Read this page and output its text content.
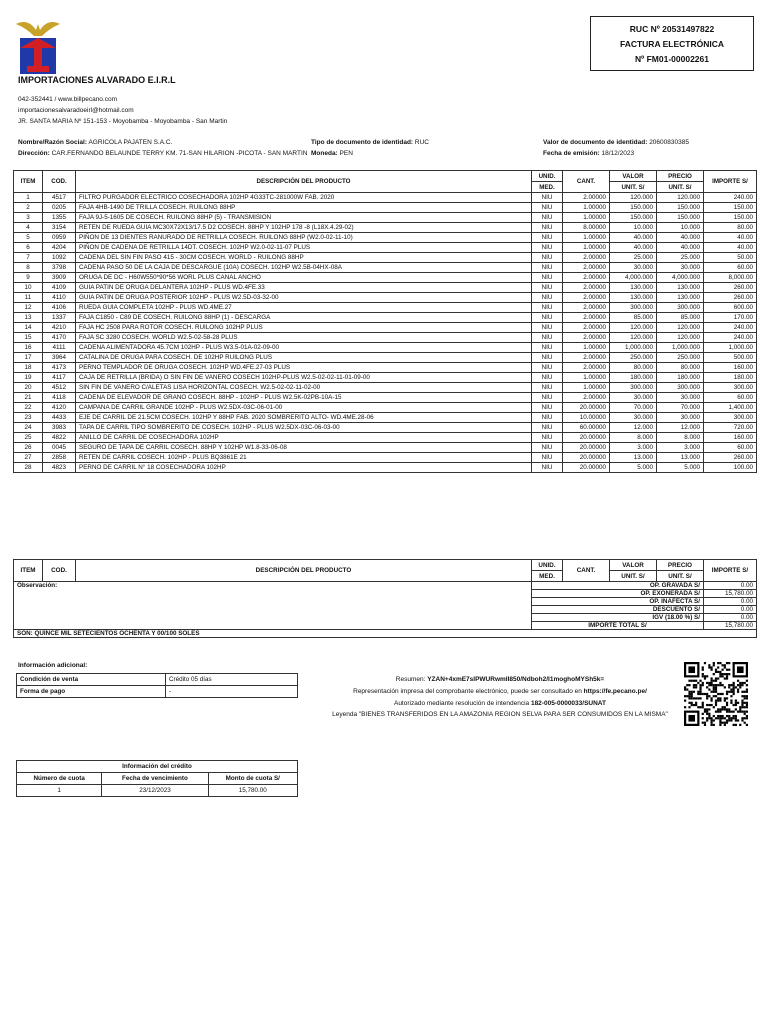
IMPORTACIONES ALVARADO E.I.R.L
042-352441 / www.billpecano.com
importacionesalvaradoeirl@hotmail.com
JR. SANTA MARIA Nº 151-153 - Moyobamba - Moyobamba - San Martin
RUC Nº 20531497822
FACTURA ELECTRÓNICA
Nº FM01-00002261
Nombre/Razón Social: AGRICOLA PAJATEN S.A.C.	Tipo de documento de identidad: RUC	Valor de documento de identidad: 20600830385
Dirección: CAR.FERNANDO BELAUNDE TERRY KM. 71-SAN HILARION -PICOTA - SAN MARTIN Moneda: PEN	Fecha de emisión: 18/12/2023
ITEM	COD.	DESCRIPCIÓN DEL PRODUCTO	UNID.	CANT.	VALOR	PRECIO	IMPORTE S/
			MED.		UNIT. S/	UNIT. S/	
1	4517	FILTRO PURGADOR ELECTRICO COSECHADORA 102HP 4G33TC-281000W FAB. 2020	NIU	2.00000	120.000	120.000	240.00
2	0205	FAJA 4HB-1490 DE TRILLA COSECH. RUILONG 88HP	NIU	1.00000	150.000	150.000	150.00
3	1355	FAJA 9J-5-1605 DE COSECH. RUILONG 88HP (5) - TRANSMISION	NIU	1.00000	150.000	150.000	150.00
4	3154	RETEN DE RUEDA GUIA MC30X72X13/17.5 D2 COSECH. 88HP Y 102HP 178 -8 (L18X.4.29-02)	NIU	8.00000	10.000	10.000	80.00
5	0959	PIÑON DE 13 DIENTES RANURADO DE RETRILLA COSECH. RUILONG 88HP (W2.0-02-11-10)	NIU	1.00000	40.000	40.000	40.00
6	4204	PIÑON DE CADENA DE RETRILLA 14DT. COSECH. 102HP W2.0-02-11-07 PLUS	NIU	1.00000	40.000	40.000	40.00
7	1092	CADENA DEL SIN FIN PASO 415 - 30CM COSECH. WORLD - RUILONG 88HP	NIU	2.00000	25.000	25.000	50.00
8	3798	CADENA PASO 50 DE LA CAJA DE DESCARGUE (10A) COSECH. 102HP W2.5B-04HX-08A	NIU	2.00000	30.000	30.000	60.00
9	3909	ORUGA DE DC - H60W550*90*56 WORL PLUS CANAL ANCHO	NIU	2.00000	4,000.000	4,000.000	8,000.00
10	4109	GUIA PATIN DE ORUGA DELANTERA 102HP - PLUS WD.4FE.33	NIU	2.00000	130.000	130.000	260.00
11	4110	GUIA PATIN DE ORUGA POSTERIOR 102HP - PLUS W2.5D-03-32-00	NIU	2.00000	130.000	130.000	260.00
12	4106	RUEDA GUIA COMPLETA 102HP - PLUS WD.4ME.27	NIU	2.00000	300.000	300.000	600.00
13	1337	FAJA C1850 - C89 DE COSECH. RUILONG 88HP (1) - DESCARGA	NIU	2.00000	85.000	85.000	170.00
14	4210	FAJA HC 2508 PARA ROTOR COSECH. RUILONG 102HP PLUS	NIU	2.00000	120.000	120.000	240.00
15	4170	FAJA SC 3280 COSECH. WORLD W2.5-02-58-28 PLUS	NIU	2.00000	120.000	120.000	240.00
16	4111	CADENA ALIMENTADORA 45.7CM 102HP - PLUS W3.5-01A-02-09-00	NIU	1.00000	1,000.000	1,000.000	1,000.00
17	3964	CATALINA DE ORUGA PARA COSECH. DE 102HP RUILONG PLUS	NIU	2.00000	250.000	250.000	500.00
18	4173	PERNO TEMPLADOR DE ORUGA COSECH. 102HP WD.4FE.27-03 PLUS	NIU	2.00000	80.000	80.000	160.00
19	4117	CAJA DE RETRILLA (BRIDA) O SIN FIN DE VANERO COSECH 102HP-PLUS W2.5-02-02-11-01-09-00	NIU	1.00000	180.000	180.000	180.00
20	4512	SIN FIN DE VANERO C/ALETAS LISA HORIZONTAL COSECH. W2.5-02-02-11-02-00	NIU	1.00000	300.000	300.000	300.00
21	4118	CADENA DE ELEVADOR DE GRANO COSECH. 88HP - 102HP - PLUS W2.5K-02PB-10A-15	NIU	2.00000	30.000	30.000	60.00
22	4120	CAMPANA DE CARRIL GRANDE 102HP - PLUS W2.5DX-03C-06-01-00	NIU	20.00000	70.000	70.000	1,400.00
23	4433	EJE DE CARRIL DE 21.5CM COSECH. 102HP Y 88HP FAB. 2020 SOMBRERITO ALTO- WD.4ME.28-06	NIU	10.00000	30.000	30.000	300.00
24	3983	TAPA DE CARRIL TIPO SOMBRERITO DE COSECH. 102HP - PLUS W2.5DX-03C-06-03-00	NIU	60.00000	12.000	12.000	720.00
25	4822	ANILLO DE CARRIL DE COSECHADORA 102HP	NIU	20.00000	8.000	8.000	160.00
26	0045	SEGURO DE TAPA DE CARRIL COSECH. 88HP Y 102HP W1.8-33-06-08	NIU	20.00000	3.000	3.000	60.00
27	2858	RETEN DE CARRIL COSECH. 102HP - PLUS BQ3861E 21	NIU	20.00000	13.000	13.000	260.00
28	4823	PERNO DE CARRIL N° 18 COSECHADORA 102HP	NIU	20.00000	5.000	5.000	100.00
ITEM	COD.	DESCRIPCIÓN DEL PRODUCTO	UNID.	CANT.	VALOR	PRECIO	IMPORTE S/
			MED.		UNIT. S/	UNIT. S/	
Observación:			OP. GRAVADA S/				0.00
			OP. EXONERADA S/				15,780.00
			OP. INAFECTA S/				0.00
			DESCUENTO S/				0.00
			IGV (18.00 %) S/				0.00
			IMPORTE TOTAL S/				15,780.00
SON: QUINCE MIL SETECIENTOS OCHENTA Y 00/100 SOLES							
Información adicional:
Condición de venta	Crédito 05 días
Forma de pago	-
Resumen: YZAN+4xmE7sIPWURwmII850/Ndboh2/I1moghoMYSh5k=
Representación impresa del comprobante electrónico, puede ser consultado en https://fe.pecano.pe/
Autorizado mediante resolución de intendencia 182-005-0000033/SUNAT
Leyenda "BIENES TRANSFERIDOS EN LA AMAZONIA REGION SELVA PARA SER CONSUMIDOS EN LA MISMA"
Información del crédito		
Número de cuota	Fecha de vencimiento	Monto de cuota S/
1	23/12/2023	15,780.00
